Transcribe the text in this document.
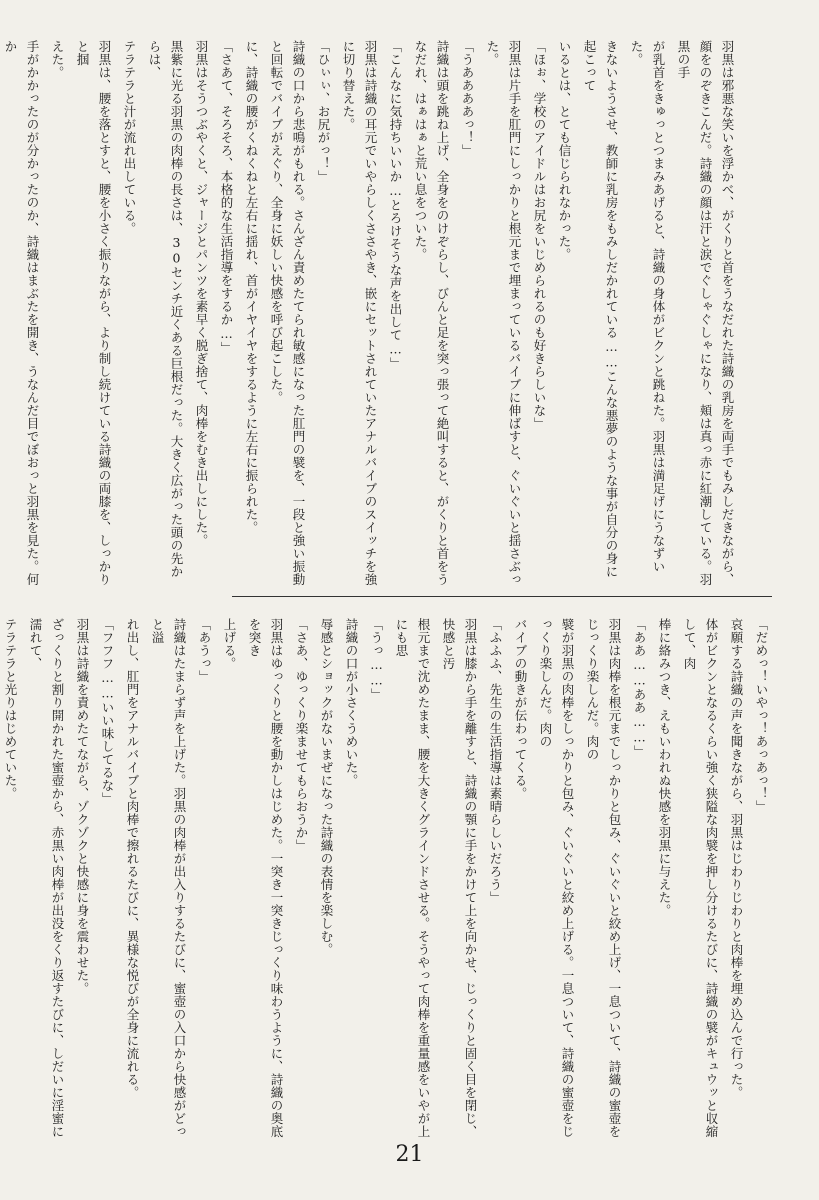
羽黒は邪悪な笑いを浮かべ、がくりと首をうなだれた詩織の乳房を両手でもみしだきながら、顔をのぞきこんだ。詩織の顔は汗と涙でぐしゃぐしゃになり、頬は真っ赤に紅潮している。羽黒の手
が乳首をきゅっとつまみあげると、詩織の身体がビクンと跳ねた。羽黒は満足げにうなずいた。
きないようさせ、教師に乳房をもみしだかれている……こんな悪夢のような事が自分の身に起こって
いるとは、とても信じられなかった。
「ほぉ、学校のアイドルはお尻をいじめられるのも好きらしいな」
羽黒は片手を肛門にしっかりと根元まで埋まっているバイブに伸ばすと、ぐいぐいと揺さぶった。
「うああああっ！」
詩織は頭を跳ね上げ、全身をのけぞらし、びんと足を突っ張って絶叫すると、がくりと首をうなだれ、はぁはぁと荒い息をついた。
「こんなに気持ちいいか…とろけそうな声を出して…」
羽黒は詩織の耳元でいやらしくささやき、嵌にセットされていたアナルバイブのスイッチを強に切り替えた。
「ひぃぃ、お尻がっ！」
詩織の口から悲鳴がもれる。さんざん責めたてられ敏感になった肛門の襞を、一段と強い振動と回転でバイブがえぐり、全身に妖しい快感を呼び起こした。
に、詩織の腰がくねくねと左右に揺れ、首がイヤイヤをするように左右に振られた。
「さあて、そろそろ、本格的な生活指導をするか…」
羽黒はそうつぶやくと、ジャージとパンツを素早く脱ぎ捨て、肉棒をむき出しにした。
黒紫に光る羽黒の肉棒の長さは、30センチ近くある巨根だった。大きく広がった頭の先からは、
テラテラと汁が流れ出している。
羽黒は、腰を落とすと、腰を小さく振りながら、より制し続けている詩織の両膝を、しっかりと掴
えた。
手がかかったのが分かったのか、詩織はまぶたを開き、うなんだ目でぼおっと羽黒を見た。何か
「だめっ！いやっ！あっあっ！」
哀願する詩織の声を聞きながら、羽黒はじわりじわりと肉棒を埋め込んで行った。
体がビクンとなるくらい強く狭隘な肉襞を押し分けるたびに、詩織の襞がキュウッと収縮して、肉
棒に絡みつき、えもいわれぬ快感を羽黒に与えた。
「ああ……ああ……」
羽黒は肉棒を根元までしっかりと包み、ぐいぐいと絞め上げ、一息ついて、詩織の蜜壺をじっくり楽しんだ。肉の
襞が羽黒の肉棒をしっかりと包み、ぐいぐいと絞め上げる。一息ついて、詩織の蜜壺をじっくり楽しんだ。肉の
バイブの動きが伝わってくる。
「ふふふ、先生の生活指導は素晴らしいだろう」
羽黒は膝から手を離すと、詩織の顎に手をかけて上を向かせ、じっくりと固く目を閉じ、快感と汚
根元まで沈めたまま、腰を大きくグラインドさせる。そうやって肉棒を重量感をいやが上にも思
「うっ……」
詩織の口が小さくうめいた。
辱感とショックがないまぜになった詩織の表情を楽しむ。
「さあ、ゆっくり楽ませてもらおうか」
羽黒はゆっくりと腰を動かしはじめた。一突き一突きじっくり味わうように、詩織の奥底を突き
上げる。
「あうっ」
詩織はたまらず声を上げた。羽黒の肉棒が出入りするたびに、蜜壺の入口から快感がどっと溢
れ出し、肛門をアナルバイブと肉棒で擦れるたびに、異様な悦びが全身に流れる。
「フフフ……いい味してるな」
羽黒は詩織を責めたてながら、ゾクゾクと快感に身を震わせた。
ざっくりと割り開かれた蜜壺から、赤黒い肉棒が出没をくり返すたびに、しだいに淫蜜に濡れて、
テラテラと光りはじめていた。
21
